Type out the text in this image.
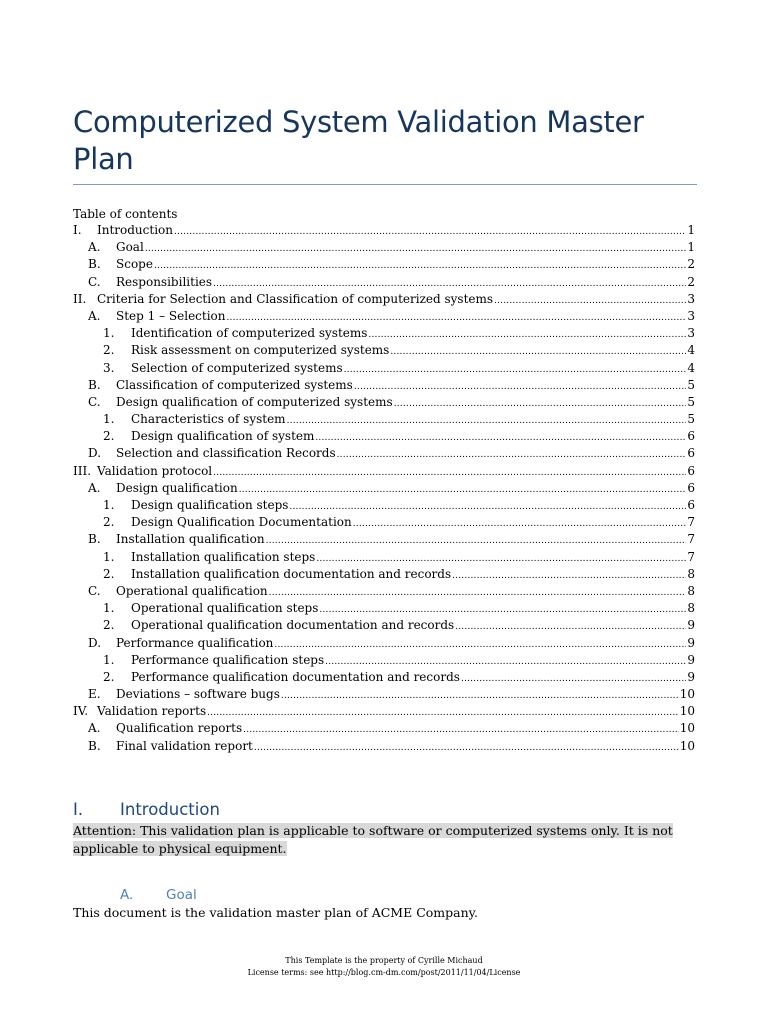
Computerized System Validation Master Plan
Table of contents
I.	Introduction .....	1
A.	Goal .....	1
B.	Scope .....	2
C.	Responsibilities .....	2
II. Criteria for Selection and Classification of computerized systems .....	3
A.	Step 1 – Selection .....	3
1.	Identification of computerized systems .....	3
2.	Risk assessment on computerized systems .....	4
3.	Selection of computerized systems .....	4
B.	Classification of computerized systems .....	5
C.	Design qualification of computerized systems .....	5
1.	Characteristics of system .....	5
2.	Design qualification of system .....	6
D.	Selection and classification Records .....	6
III. Validation protocol .....	6
A.	Design qualification .....	6
1.	Design qualification steps .....	6
2.	Design Qualification Documentation .....	7
B.	Installation qualification .....	7
1.	Installation qualification steps .....	7
2.	Installation qualification documentation and records .....	8
C.	Operational qualification .....	8
1.	Operational qualification steps .....	8
2.	Operational qualification documentation and records .....	9
D.	Performance qualification .....	9
1.	Performance qualification steps .....	9
2.	Performance qualification documentation and records .....	9
E.	Deviations – software bugs .....	10
IV. Validation reports .....	10
A.	Qualification reports .....	10
B.	Final validation report .....	10
I. Introduction
Attention: This validation plan is applicable to software or computerized systems only. It is not applicable to physical equipment.
A. Goal
This document is the validation master plan of ACME Company.
This Template is the property of Cyrille Michaud
License terms: see http://blog.cm-dm.com/post/2011/11/04/License
